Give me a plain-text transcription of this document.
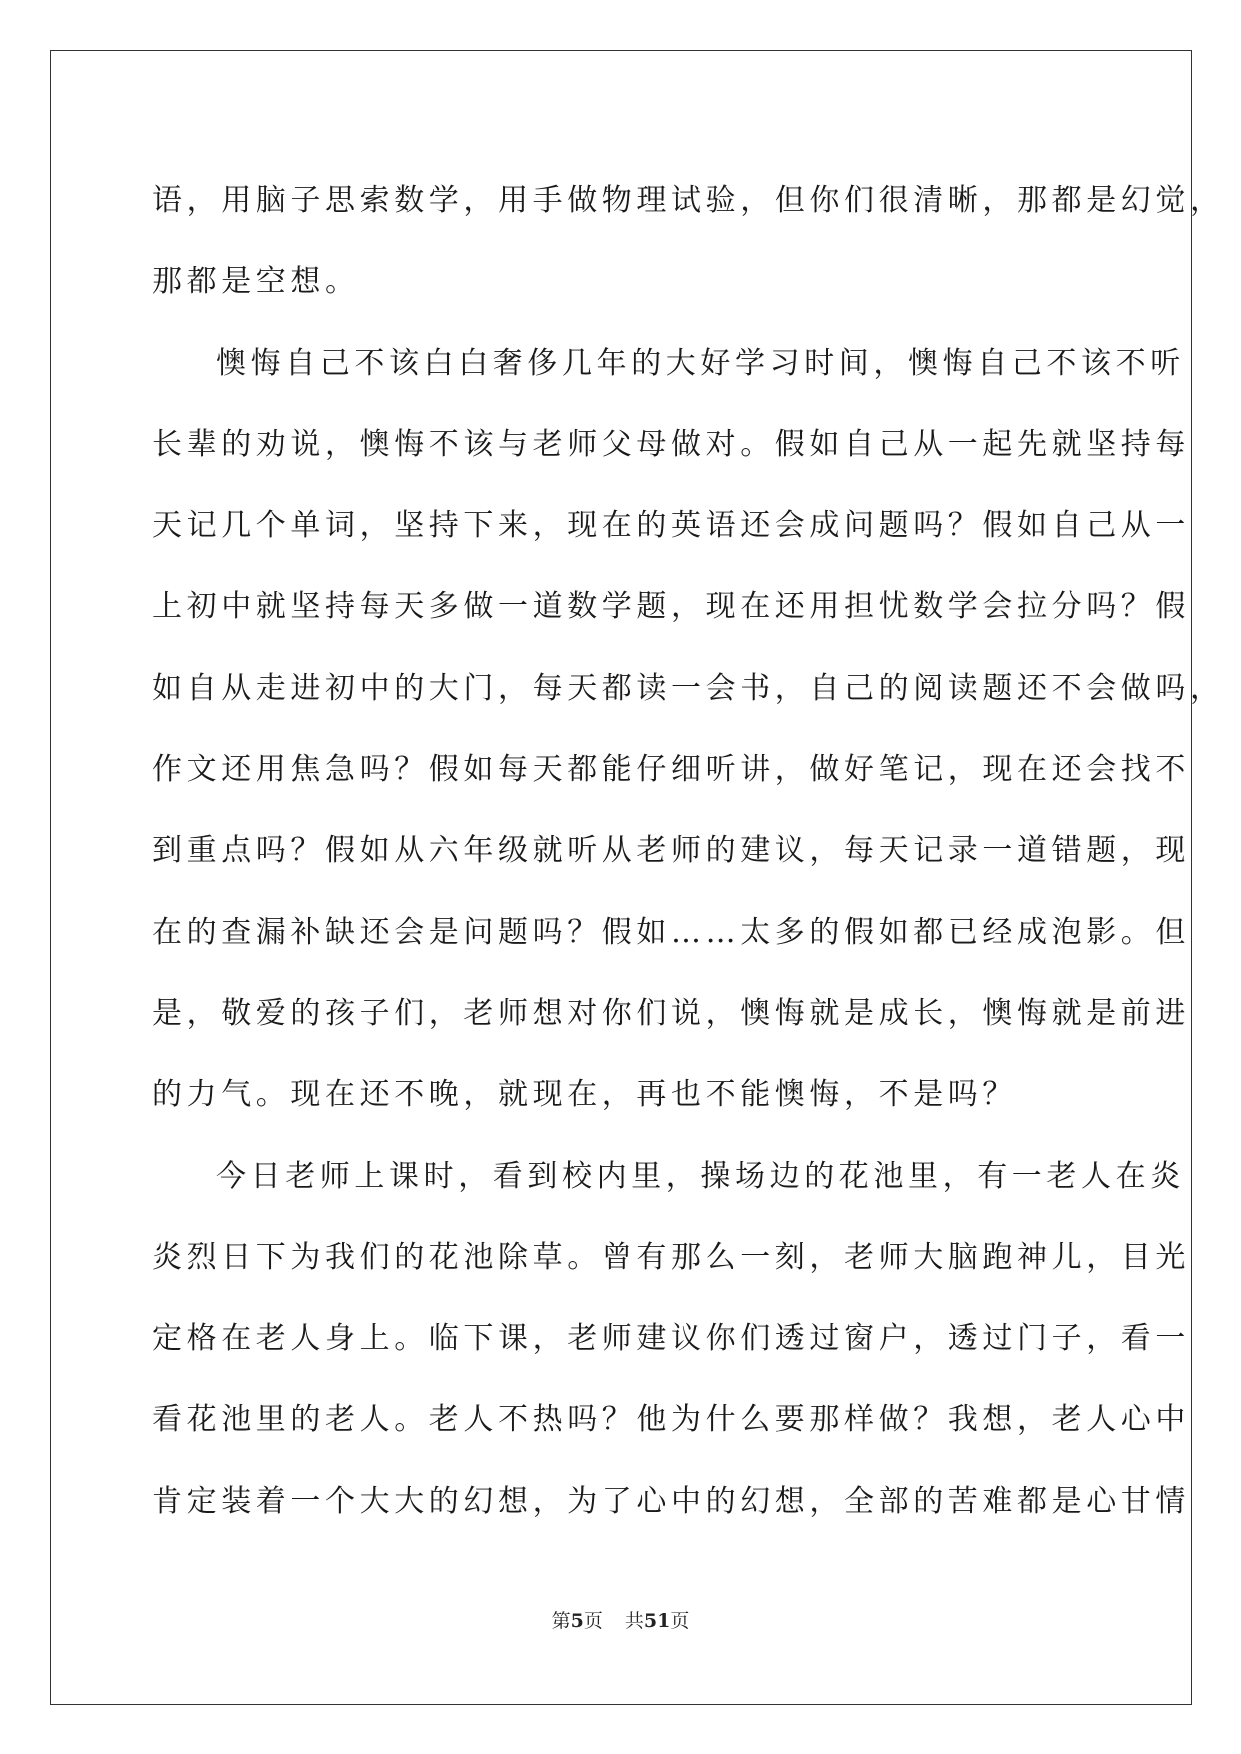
语，用脑子思索数学，用手做物理试验，但你们很清晰，那都是幻觉，
那都是空想。
懊悔自己不该白白奢侈几年的大好学习时间，懊悔自己不该不听
长辈的劝说，懊悔不该与老师父母做对。假如自己从一起先就坚持每
天记几个单词，坚持下来，现在的英语还会成问题吗？假如自己从一
上初中就坚持每天多做一道数学题，现在还用担忧数学会拉分吗？假
如自从走进初中的大门，每天都读一会书，自己的阅读题还不会做吗，
作文还用焦急吗？假如每天都能仔细听讲，做好笔记，现在还会找不
到重点吗？假如从六年级就听从老师的建议，每天记录一道错题，现
在的查漏补缺还会是问题吗？假如……太多的假如都已经成泡影。但
是，敬爱的孩子们，老师想对你们说，懊悔就是成长，懊悔就是前进
的力气。现在还不晚，就现在，再也不能懊悔，不是吗？
今日老师上课时，看到校内里，操场边的花池里，有一老人在炎
炎烈日下为我们的花池除草。曾有那么一刻，老师大脑跑神儿，目光
定格在老人身上。临下课，老师建议你们透过窗户，透过门子，看一
看花池里的老人。老人不热吗？他为什么要那样做？我想，老人心中
肯定装着一个大大的幻想，为了心中的幻想，全部的苦难都是心甘情
第5页 共51页
